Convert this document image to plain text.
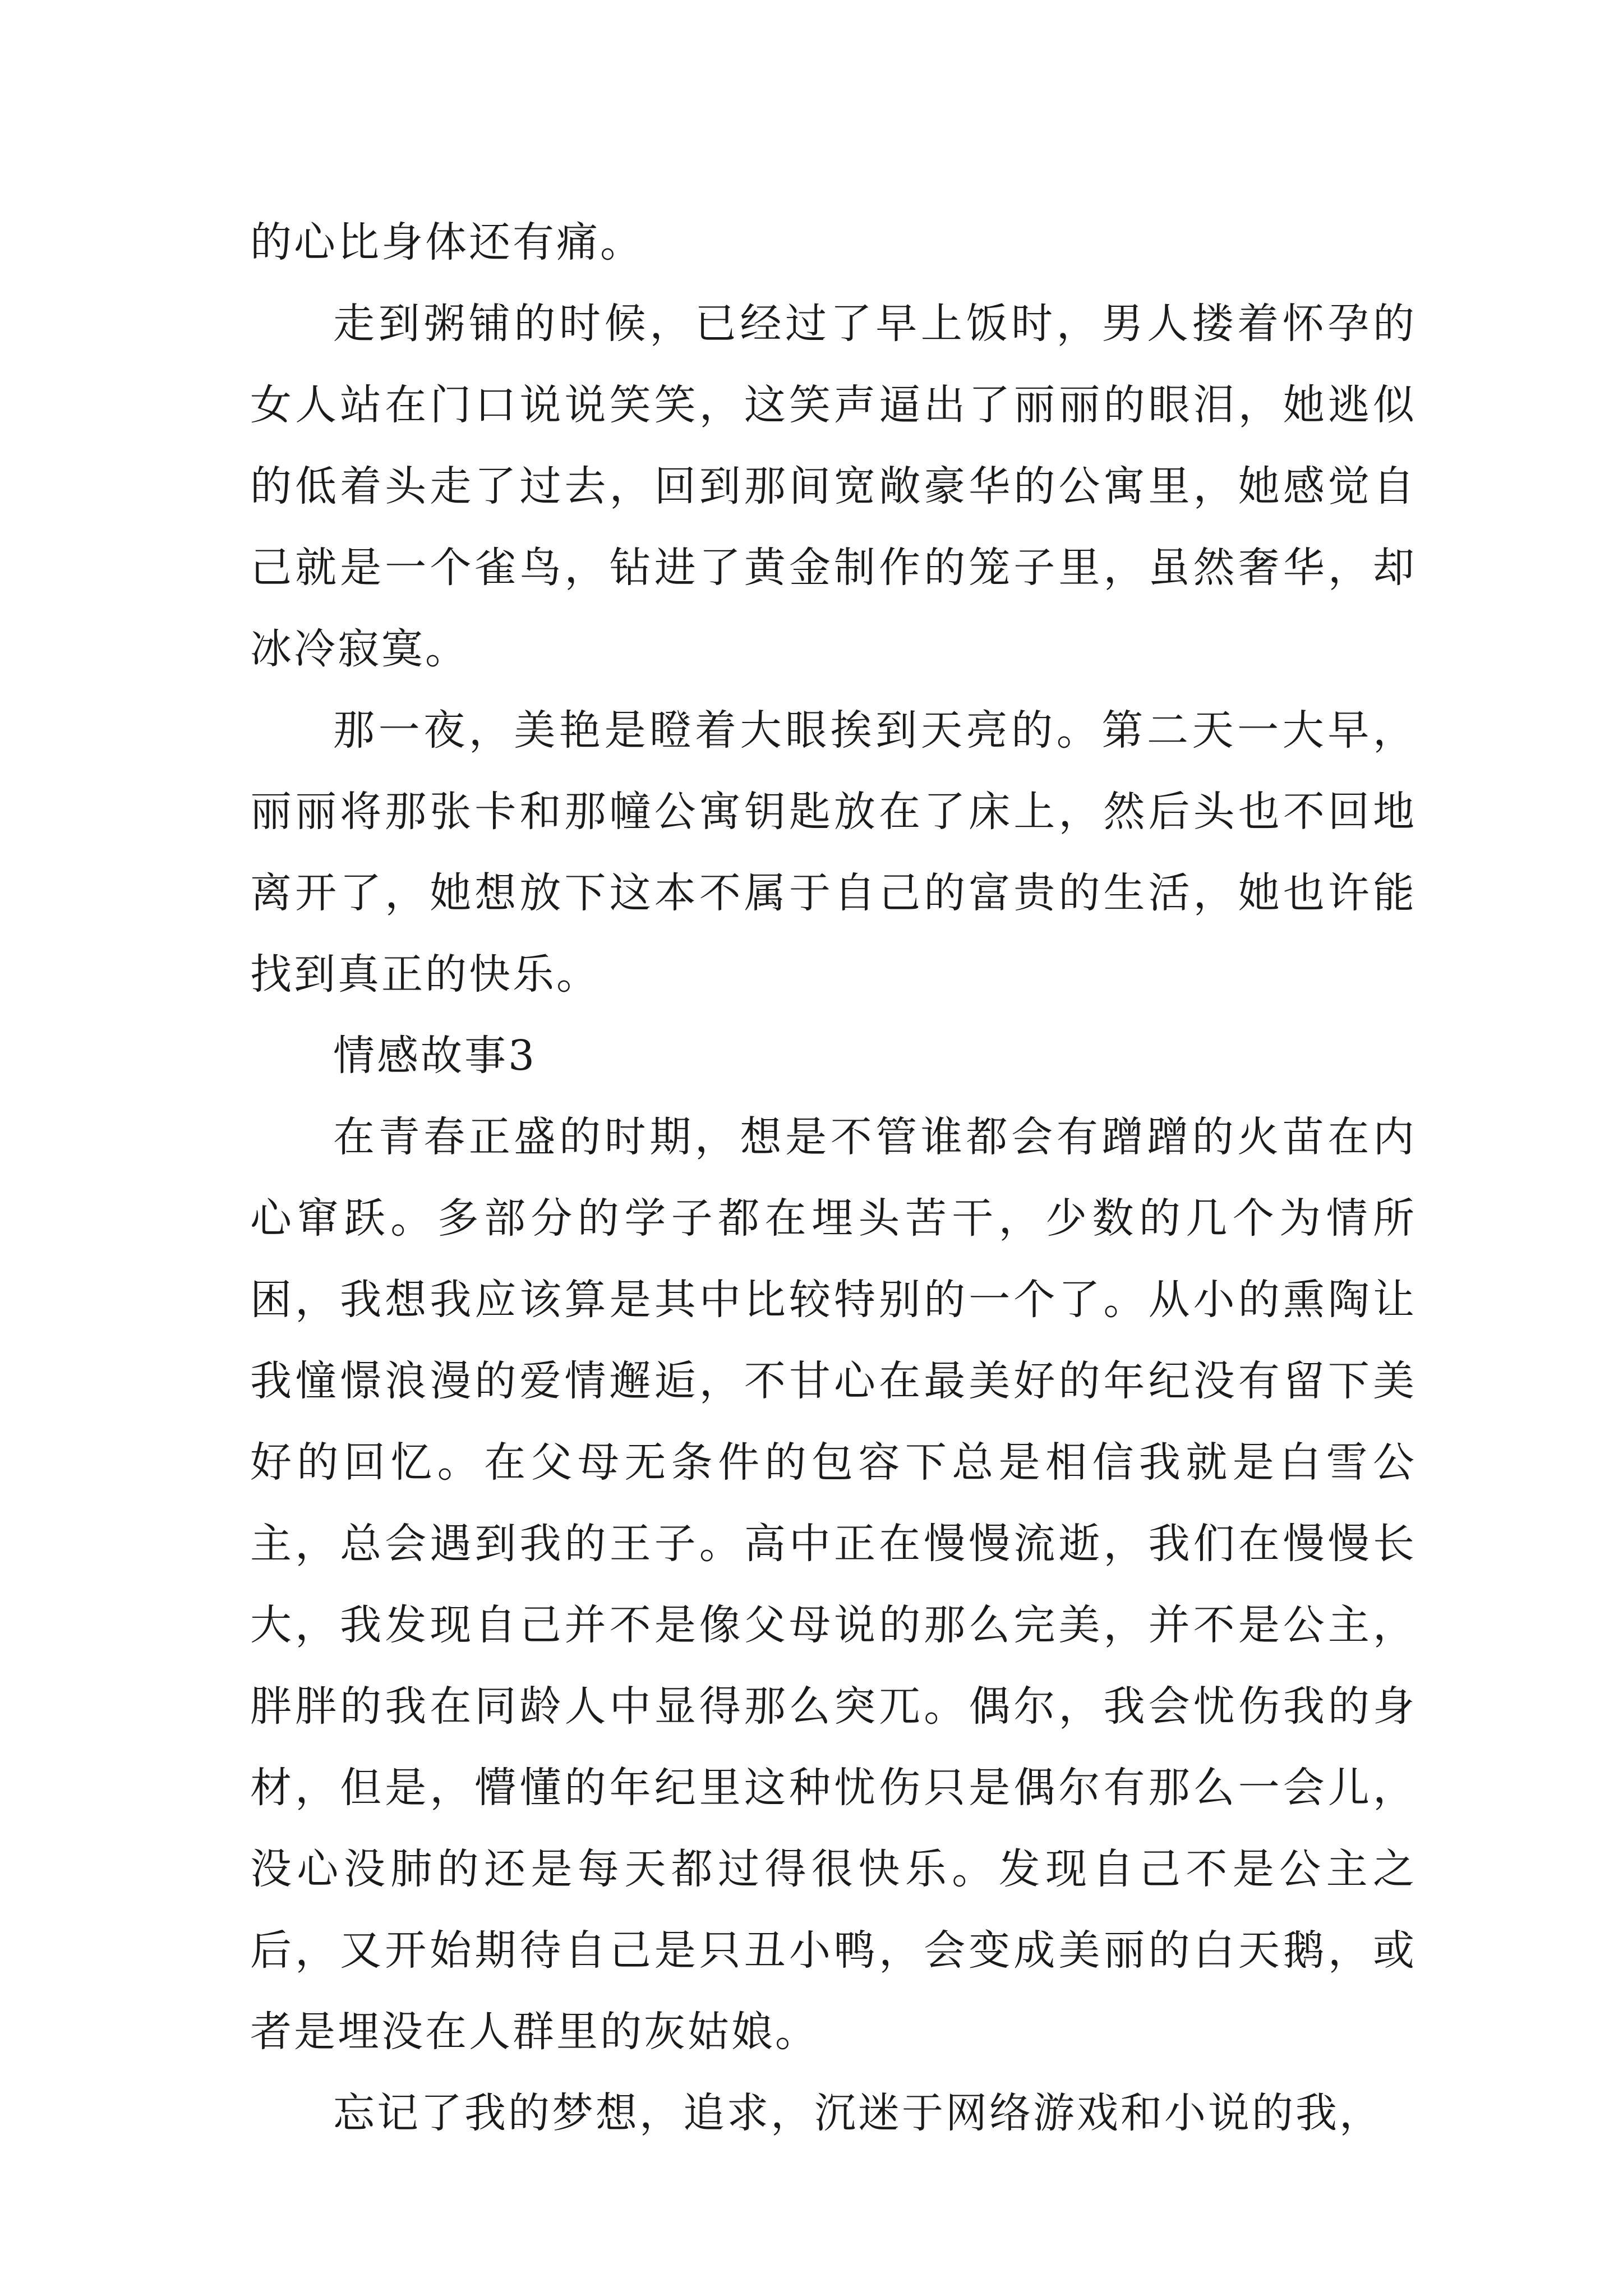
的心比身体还有痛。

走到粥铺的时候，已经过了早上饭时，男人搂着怀孕的女人站在门口说说笑笑，这笑声逼出了丽丽的眼泪，她逃似的低着头走了过去，回到那间宽敞豪华的公寓里，她感觉自己就是一个雀鸟，钻进了黄金制作的笼子里，虽然奢华，却冰冷寂寞。

那一夜，美艳是瞪着大眼挨到天亮的。第二天一大早，丽丽将那张卡和那幢公寓钥匙放在了床上，然后头也不回地离开了，她想放下这本不属于自己的富贵的生活，她也许能找到真正的快乐。

情感故事3

在青春正盛的时期，想是不管谁都会有蹭蹭的火苗在内心窜跃。多部分的学子都在埋头苦干，少数的几个为情所困，我想我应该算是其中比较特别的一个了。从小的熏陶让我憧憬浪漫的爱情邂逅，不甘心在最美好的年纪没有留下美好的回忆。在父母无条件的包容下总是相信我就是白雪公主，总会遇到我的王子。高中正在慢慢流逝，我们在慢慢长大，我发现自己并不是像父母说的那么完美，并不是公主，胖胖的我在同龄人中显得那么突兀。偶尔，我会忧伤我的身材，但是，懵懂的年纪里这种忧伤只是偶尔有那么一会儿，没心没肺的还是每天都过得很快乐。发现自己不是公主之后，又开始期待自己是只丑小鸭，会变成美丽的白天鹅，或者是埋没在人群里的灰姑娘。

忘记了我的梦想，追求，沉迷于网络游戏和小说的我，
